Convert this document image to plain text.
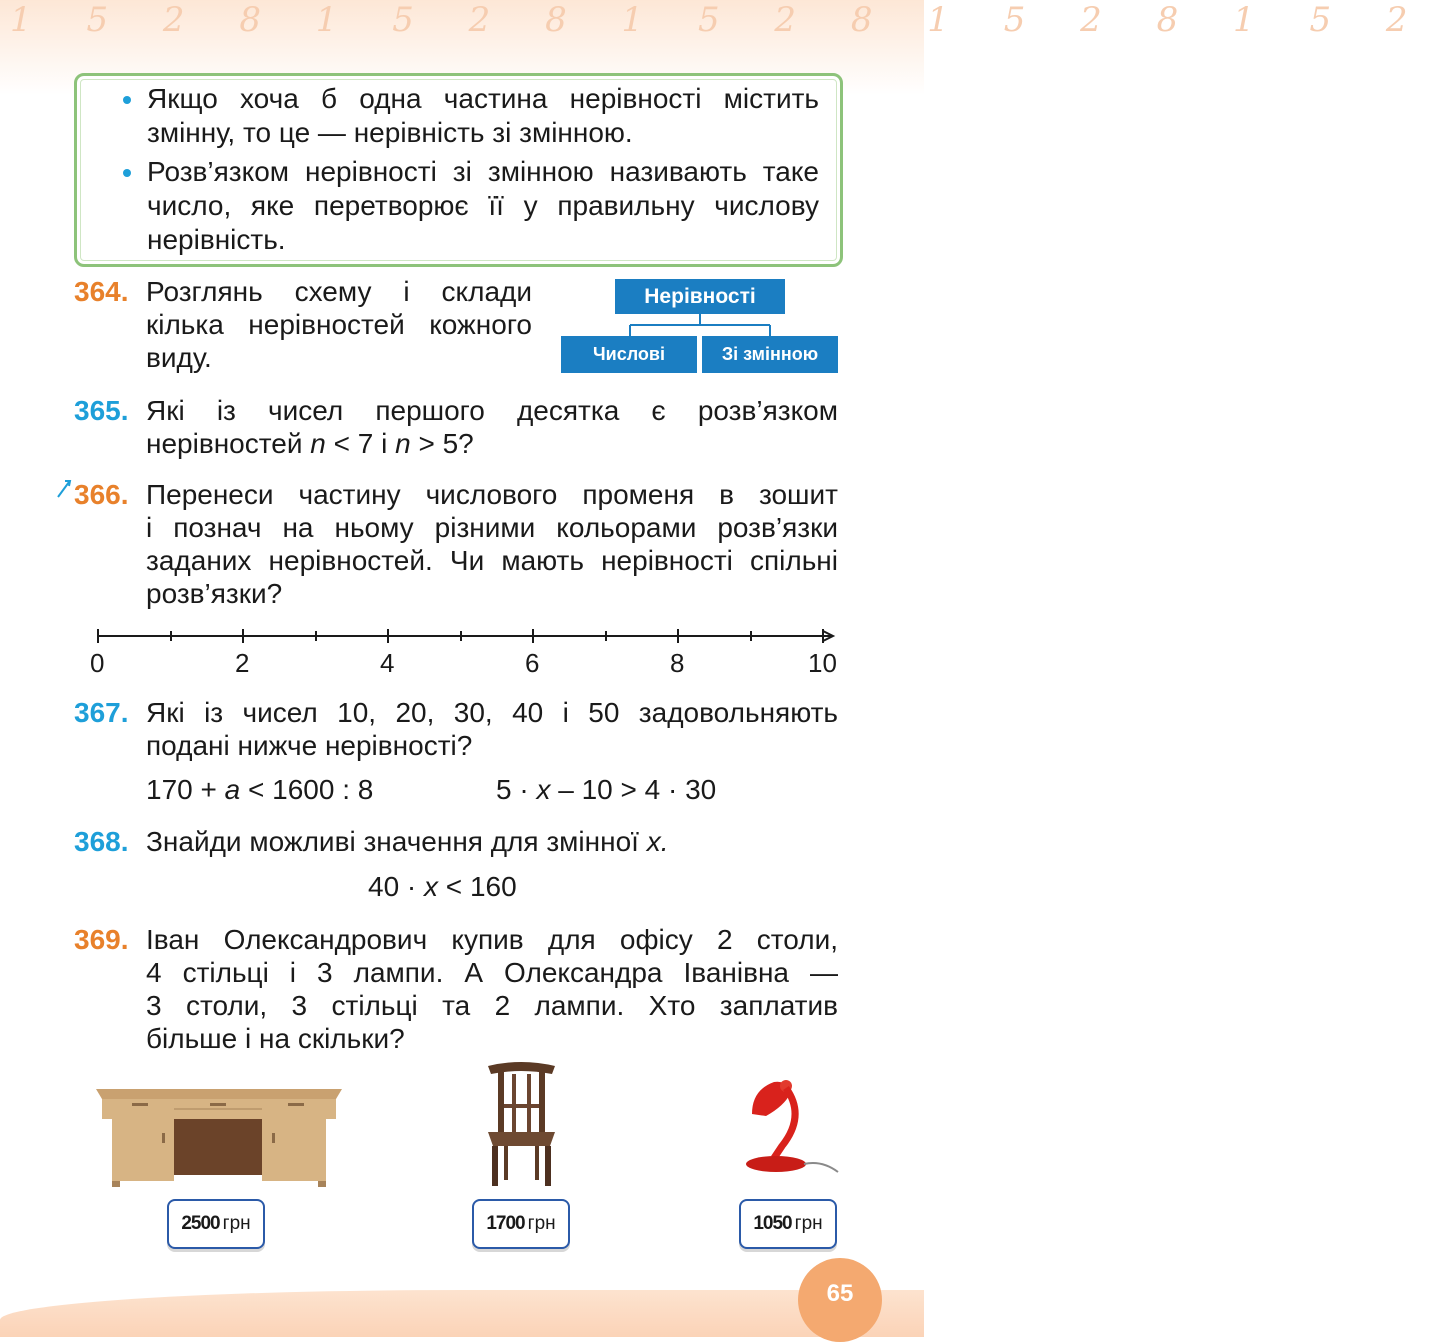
1 5 2 8 1 5 2 8 1 5 2 8 1 5 2 8 1 5 2
Якщо хоча б одна частина нерівності містить
змінну, то це — нерівність зі змінною.
Розв’язком нерівності зі змінною називають таке
число, яке перетворює її у правильну числову
нерівність.
364. Розглянь схему і склади
кілька нерівностей кожного
виду.
Нерівності
Числові	Зі змінною
365. Які із чисел першого десятка є розв’язком
нерівностей n < 7 і n > 5?
366. Перенеси частину числового променя в зошит
і познач на ньому різними кольорами розв’язки
заданих нерівностей. Чи мають нерівності спільні
розв’язки?
0	2	4	6	8	10
367. Які із чисел 10, 20, 30, 40 і 50 задовольняють
подані нижче нерівності?
170 + a < 1600 : 8	5 · x – 10 > 4 · 30
368. Знайди можливі значення для змінної x.
40 · x < 160
369. Іван Олександрович купив для офісу 2 столи,
4 стільці і 3 лампи. А Олександра Іванівна —
3 столи, 3 стільці та 2 лампи. Хто заплатив
більше і на скільки?
2500 грн	1700 грн	1050 грн
65
